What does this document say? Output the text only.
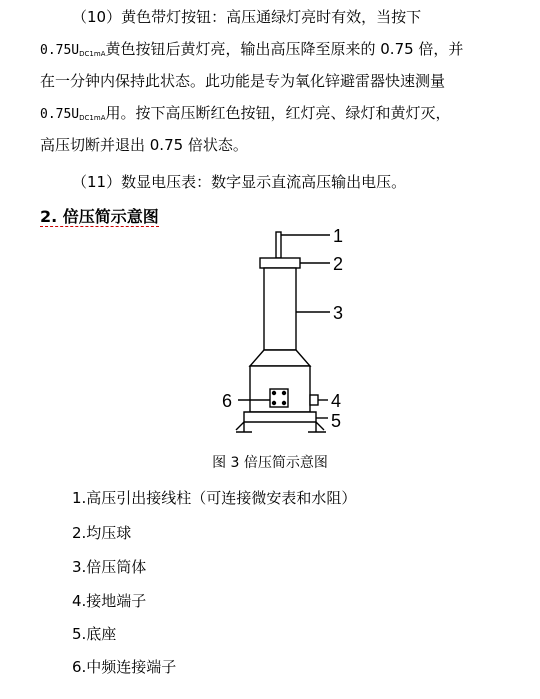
（10）黄色带灯按钮：高压通绿灯亮时有效，当按下
$0.75U_{DC1mA}$黄色按钮后黄灯亮，输出高压降至原来的 0.75 倍，并
在一分钟内保持此状态。此功能是专为氧化锌避雷器快速测量
$0.75U_{DC1mA}$用。按下高压断红色按钮，红灯亮、绿灯和黄灯灭，
高压切断并退出 0.75 倍状态。
（11）数显电压表：数字显示直流高压输出电压。
2. 倍压简示意图
1
2
3
4
5
6
图 3 倍压简示意图
1.高压引出接线柱（可连接微安表和水阻）
2.均压球
3.倍压筒体
4.接地端子
5.底座
6.中频连接端子
